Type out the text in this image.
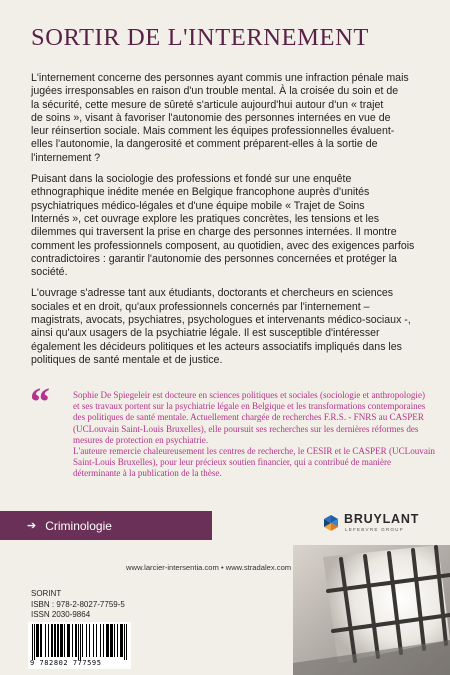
SORTIR DE L'INTERNEMENT

L'internement concerne des personnes ayant commis une infraction pénale mais
jugées irresponsables en raison d'un trouble mental. À la croisée du soin et de
la sécurité, cette mesure de sûreté s'articule aujourd'hui autour d'un « trajet
de soins », visant à favoriser l'autonomie des personnes internées en vue de
leur réinsertion sociale. Mais comment les équipes professionnelles évaluent-
elles l'autonomie, la dangerosité et comment préparent-elles à la sortie de
l'internement ?

Puisant dans la sociologie des professions et fondé sur une enquête
ethnographique inédite menée en Belgique francophone auprès d'unités
psychiatriques médico-légales et d'une équipe mobile « Trajet de Soins
Internés », cet ouvrage explore les pratiques concrètes, les tensions et les
dilemmes qui traversent la prise en charge des personnes internées. Il montre
comment les professionnels composent, au quotidien, avec des exigences parfois
contradictoires : garantir l'autonomie des personnes concernées et protéger la
société.

L'ouvrage s'adresse tant aux étudiants, doctorants et chercheurs en sciences
sociales et en droit, qu'aux professionnels concernés par l'internement –
magistrats, avocats, psychiatres, psychologues et intervenants médico-sociaux -,
ainsi qu'aux usagers de la psychiatrie légale. Il est susceptible d'intéresser
également les décideurs politiques et les acteurs associatifs impliqués dans les
politiques de santé mentale et de justice.

“	Sophie De Spiegeleir est docteure en sciences politiques et sociales (sociologie et anthropologie)
et ses travaux portent sur la psychiatrie légale en Belgique et les transformations contemporaines
des politiques de santé mentale. Actuellement chargée de recherches F.R.S. - FNRS au CASPER
(UCLouvain Saint-Louis Bruxelles), elle poursuit ses recherches sur les dernières réformes des
mesures de protection en psychiatrie.
L'auteure remercie chaleureusement les centres de recherche, le CESIR et le CASPER (UCLouvain
Saint-Louis Bruxelles), pour leur précieux soutien financier, qui a contribué de manière
déterminante à la publication de la thèse.
➔ Criminologie	BRUYLANT
LEFEBVRE GROUP
www.larcier-intersentia.com • www.stradalex.com
SORINT
ISBN : 978-2-8027-7759-5
ISSN 2030-9864
9 782802 777595
